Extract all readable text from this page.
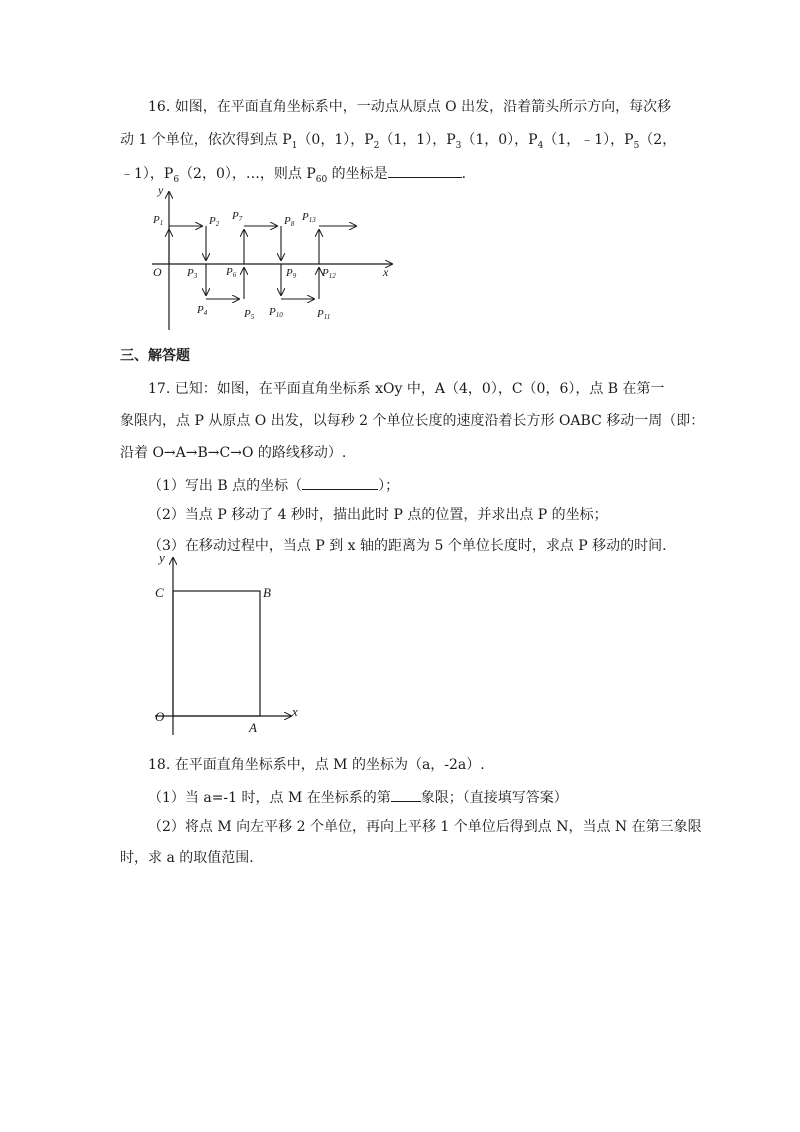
16. 如图，在平面直角坐标系中，一动点从原点 O 出发，沿着箭头所示方向，每次移
动 1 个单位，依次得到点 $P_1(0$，1），$P_2(1$，1），$P_3(1$，0），$P_4(1$，﹣1），$P_5(2$，
﹣1），$P_6(2$，0），…，则点 $P_{60}$ 的坐标是	.
y
x
O
P1	P2
P3
P4	P5
P6
P7	P8
P9
P10	P11
P12
P13
三、解答题
17. 已知：如图，在平面直角坐标系 xOy 中，A（4，0），C（0，6），点 B 在第一
象限内，点 P 从原点 O 出发，以每秒 2 个单位长度的速度沿着长方形 OABC 移动一周（即：
沿着 O→A→B→C→O 的路线移动）.
（1）写出 B 点的坐标（	）；
（2）当点 P 移动了 4 秒时，描出此时 P 点的位置，并求出点 P 的坐标；
（3）在移动过程中，当点 P 到 x 轴的距离为 5 个单位长度时，求点 P 移动的时间.
y
x
C	B
O
A
18. 在平面直角坐标系中，点 M 的坐标为（a，-2a）.
（1）当 a=-1 时，点 M 在坐标系的第 象限；（直接填写答案）
（2）将点 M 向左平移 2 个单位，再向上平移 1 个单位后得到点 N，当点 N 在第三象限
时，求 a 的取值范围.
